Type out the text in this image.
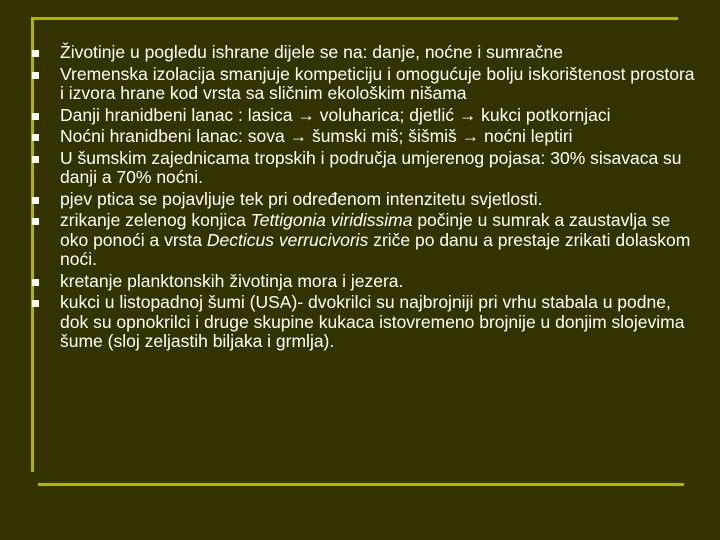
Životinje u pogledu ishrane dijele se na: danje, noćne i sumračne
Vremenska izolacija smanjuje kompeticiju i omogućuje bolju iskorištenost prostora i izvora hrane kod vrsta sa sličnim ekološkim nišama
Danji hranidbeni lanac : lasica → voluharica; djetlić → kukci potkornjaci
Noćni hranidbeni lanac: sova → šumski miš; šišmiš → noćni leptiri
U šumskim zajednicama tropskih i područja umjerenog pojasa: 30% sisavaca su danji a 70% noćni.
pjev ptica se pojavljuje tek pri određenom intenzitetu svjetlosti.
zrikanje zelenog konjica Tettigonia viridissima počinje u sumrak a zaustavlja se oko ponoći a vrsta Decticus verrucivoris zriče po danu a prestaje zrikati dolaskom noći.
kretanje planktonskih životinja mora i jezera.
kukci u listopadnoj šumi (USA)- dvokrilci su najbrojniji pri vrhu stabala u podne, dok su opnokrilci i druge skupine kukaca istovremeno brojnije u donjim slojevima šume (sloj zeljastih biljaka i grmlja).
